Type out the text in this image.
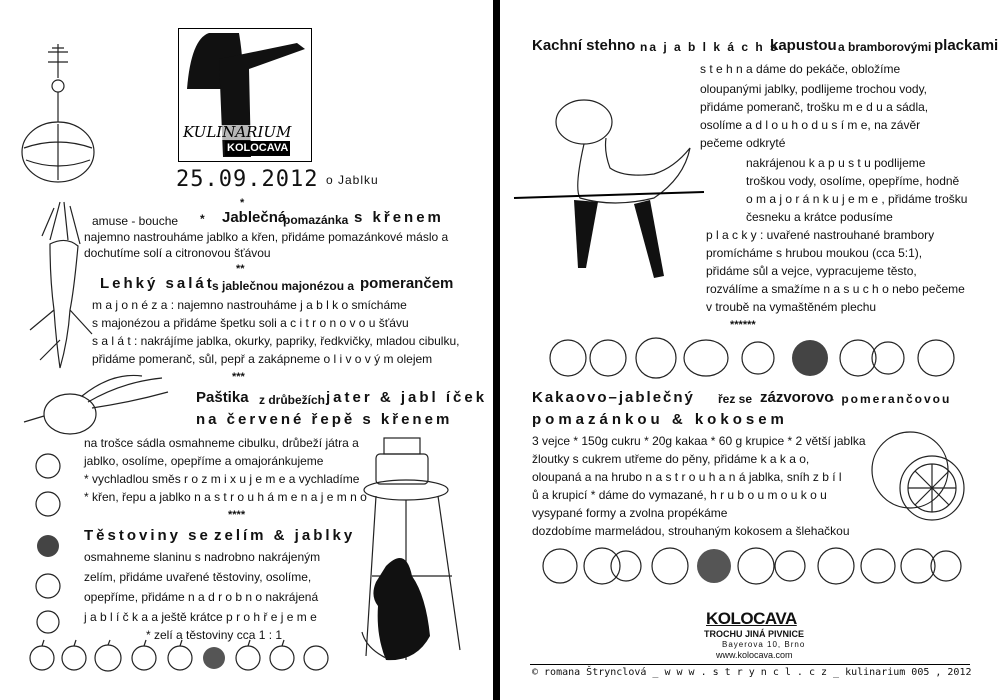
KULINARIUM
KOLOCAVA
25.09.2012 o Jablku
*
amuse - bouche * Jablečná
pomazánka s křenem
najemno nastrouháme jablko a křen, přidáme pomazánkové máslo a
dochutíme solí a citronovou šťávou
**
Lehký salát
s jablečnou majonézou a pomerančem
m a j o n é z a : najemno nastrouháme j a b l k o smícháme
s majonézou a přidáme špetku soli a c i t r o n o v o u šťávu
s a l á t : nakrájíme jablka, okurky, papriky, ředkvičky, mladou cibulku,
přidáme pomeranč, sůl, pepř a zakápneme o l i v o v ý m olejem
***
Paštika z drůbežích jater & jabl íček
na červené řepě s křenem
na trošce sádla osmahneme cibulku, drůbeží játra a
jablko, osolíme, opepříme a omajoránkujeme
* vychladlou směs r o z m i x u j e m e a vychladíme
* křen, řepu a jablko n a s t r o u h á m e n a j e m n o
****
Těstoviny se zelím & jablky
osmahneme slaninu s nadrobno nakrájeným
zelím, přidáme uvařené těstoviny, osolíme,
opepříme, přidáme n a d r o b n o nakrájená
j a b l í č k a a ještě krátce p r o h ř e j e m e
* zelí a těstoviny cca 1 : 1
Kachní stehno na j a b l k á c h s
kapustou a bramborovými plackami
s t e h n a dáme do pekáče, obložíme
oloupanými jablky, podlijeme trochou vody,
přidáme pomeranč, trošku m e d u a sádla,
osolíme a d l o u h o d u s í m e, na závěr
pečeme odkryté
nakrájenou k a p u s t u podlijeme
troškou vody, osolíme, opepříme, hodně
o m a j o r á n k u j e m e , přidáme trošku
česneku a krátce podusíme
p l a c k y : uvařené nastrouhané brambory
promícháme s hrubou moukou (cca 5:1),
přidáme sůl a vejce, vypracujeme těsto,
rozválíme a smažíme n a s u c h o nebo pečeme
v troubě na vymaštěném plechu
******
Kakaovo–jablečný řez se zázvorovo
- pomerančovou
pomazánkou & kokosem
3 vejce * 150g cukru * 20g kakaa * 60 g krupice * 2 větší jablka
žloutky s cukrem utřeme do pěny, přidáme k a k a o,
oloupaná a na hrubo n a s t r o u h a n á jablka, sníh z b í l
ů a krupicí * dáme do vymazané, h r u b o u m o u k o u
vysypané formy a zvolna propékáme
dozdobíme marmeládou, strouhaným kokosem a šlehačkou
KOLOCAVA
TROCHU JINÁ PIVNICE
Bayerova 10, Brno
www.kolocava.com
© romana Štrynclová _ w w w . s t r y n c l . c z _ kulinarium 005 , 2012
